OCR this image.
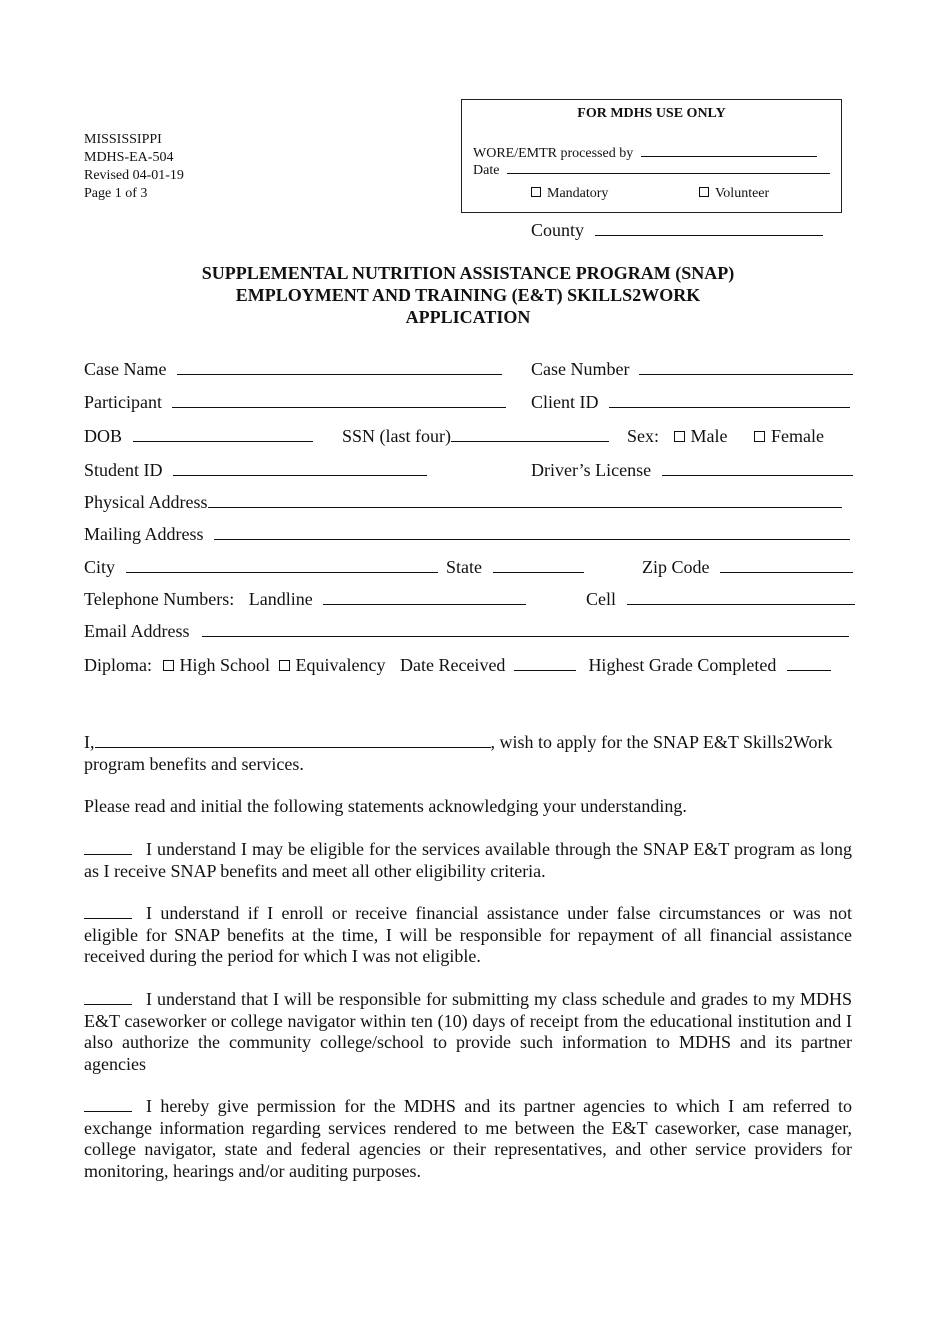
MISSISSIPPI
MDHS-EA-504
Revised 04-01-19
Page 1 of 3
FOR MDHS USE ONLY
WORE/EMTR processed by
Date
Mandatory	Volunteer
County
SUPPLEMENTAL NUTRITION ASSISTANCE PROGRAM (SNAP)
EMPLOYMENT AND TRAINING (E&T) SKILLS2WORK
APPLICATION
Case Name	Case Number
Participant	Client ID
DOB	SSN (last four)	Sex: Male Female
Student ID	Driver’s License
Physical Address
Mailing Address
City	State	Zip Code
Telephone Numbers: Landline	Cell
Email Address
Diploma: High School Equivalency Date Received	Highest Grade Completed
I,	, wish to apply for the SNAP E&T Skills2Work
program benefits and services.
Please read and initial the following statements acknowledging your understanding.
I understand I may be eligible for the services available through the SNAP E&T program as long as I receive SNAP benefits and meet all other eligibility criteria.
I understand if I enroll or receive financial assistance under false circumstances or was not eligible for SNAP benefits at the time, I will be responsible for repayment of all financial assistance received during the period for which I was not eligible.
I understand that I will be responsible for submitting my class schedule and grades to my MDHS E&T caseworker or college navigator within ten (10) days of receipt from the educational institution and I also authorize the community college/school to provide such information to MDHS and its partner agencies
I hereby give permission for the MDHS and its partner agencies to which I am referred to exchange information regarding services rendered to me between the E&T caseworker, case manager, college navigator, state and federal agencies or their representatives, and other service providers for monitoring, hearings and/or auditing purposes.
